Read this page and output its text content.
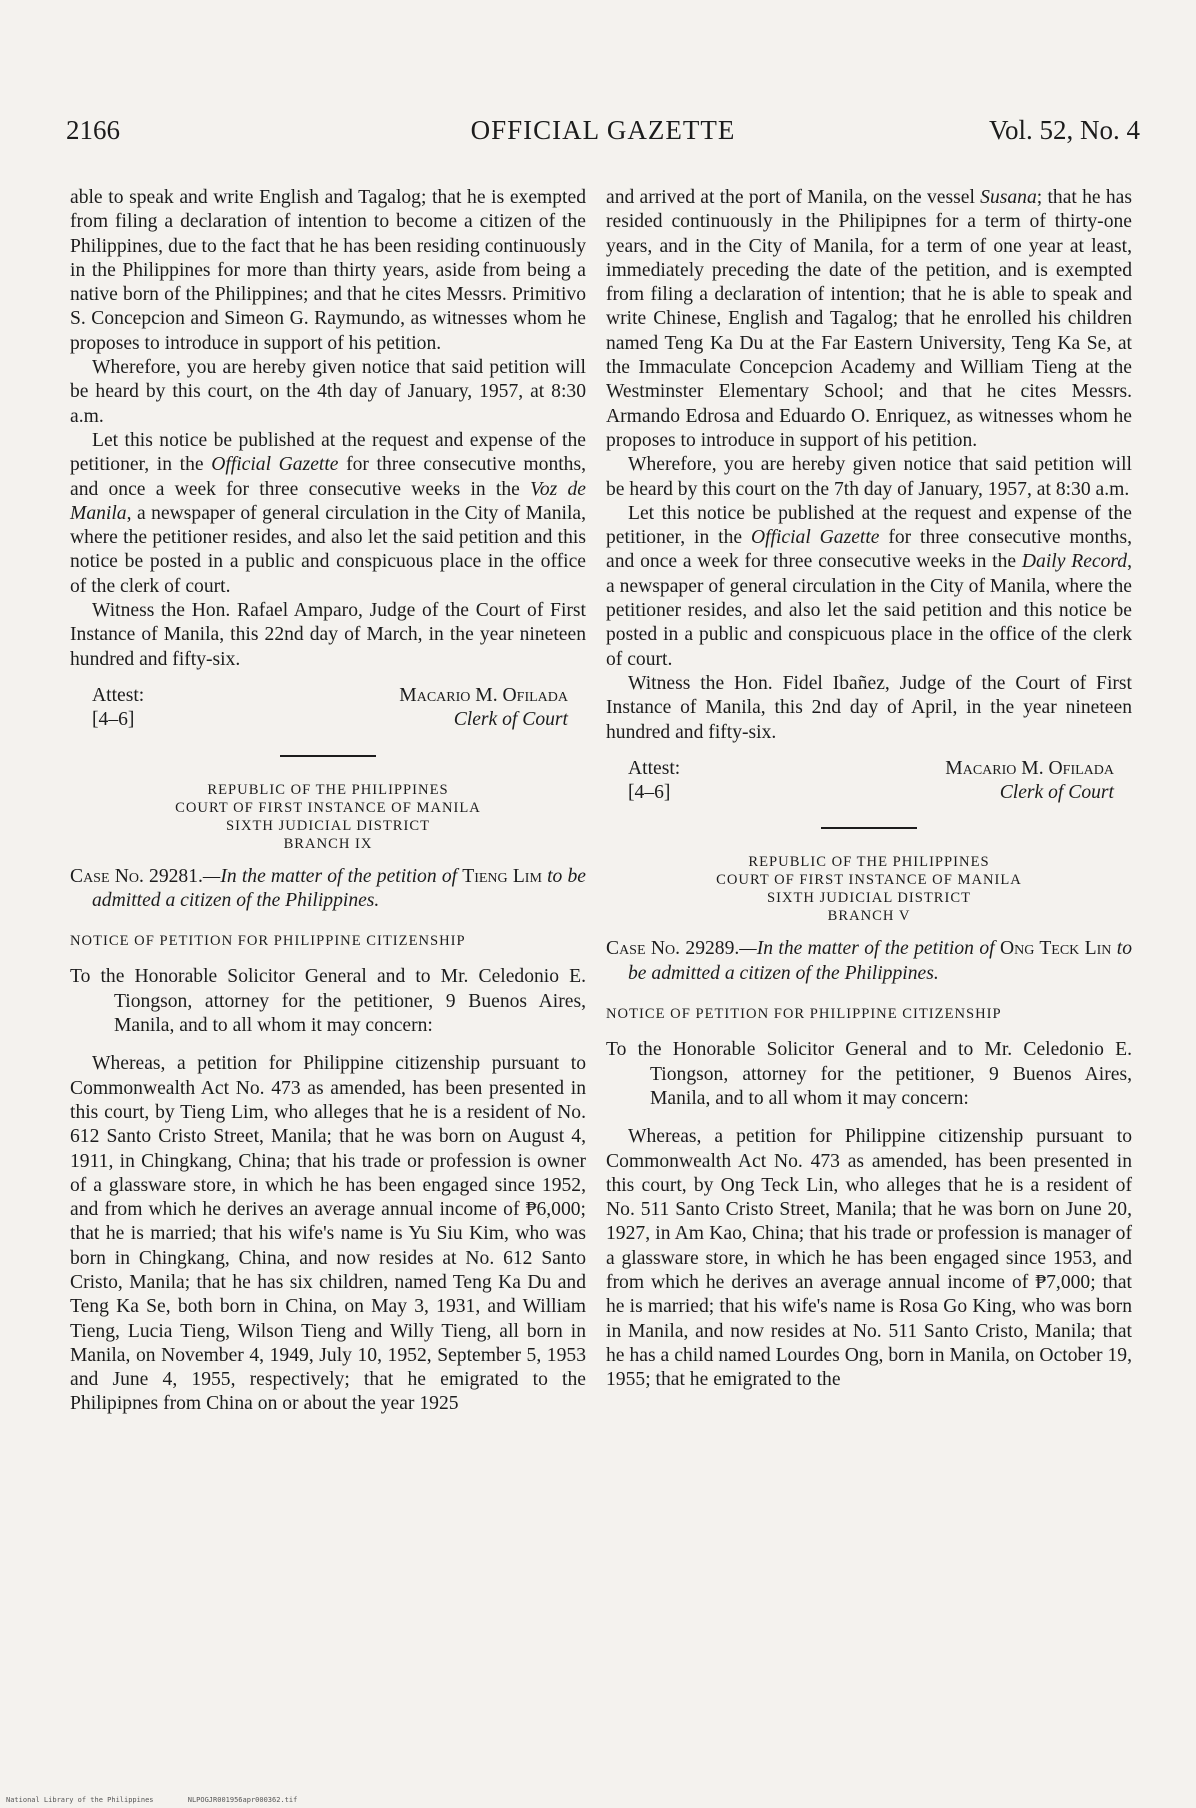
2166	OFFICIAL GAZETTE	Vol. 52, No. 4

able to speak and write English and Tagalog; that he is exempted from filing a declaration of intention to become a citizen of the Philippines, due to the fact that he has been residing continuously in the Philippines for more than thirty years, aside from being a native born of the Philippines; and that he cites Messrs. Primitivo S. Concepcion and Simeon G. Raymundo, as witnesses whom he proposes to introduce in support of his petition.

Wherefore, you are hereby given notice that said petition will be heard by this court, on the 4th day of January, 1957, at 8:30 a.m.

Let this notice be published at the request and expense of the petitioner, in the Official Gazette for three consecutive months, and once a week for three consecutive weeks in the Voz de Manila, a newspaper of general circulation in the City of Manila, where the petitioner resides, and also let the said petition and this notice be posted in a public and conspicuous place in the office of the clerk of court.

Witness the Hon. Rafael Amparo, Judge of the Court of First Instance of Manila, this 22nd day of March, in the year nineteen hundred and fifty-six.

Attest:
[4–6]
Macario M. Ofilada
Clerk of Court
REPUBLIC OF THE PHILIPPINES
COURT OF FIRST INSTANCE OF MANILA
SIXTH JUDICIAL DISTRICT
BRANCH IX

Case No. 29281.—In the matter of the petition of Tieng Lim to be admitted a citizen of the Philippines.

NOTICE OF PETITION FOR PHILIPPINE CITIZENSHIP

To the Honorable Solicitor General and to Mr. Celedonio E. Tiongson, attorney for the petitioner, 9 Buenos Aires, Manila, and to all whom it may concern:

Whereas, a petition for Philippine citizenship pursuant to Commonwealth Act No. 473 as amended, has been presented in this court, by Tieng Lim, who alleges that he is a resident of No. 612 Santo Cristo Street, Manila; that he was born on August 4, 1911, in Chingkang, China; that his trade or profession is owner of a glassware store, in which he has been engaged since 1952, and from which he derives an average annual income of ₱6,000; that he is married; that his wife's name is Yu Siu Kim, who was born in Chingkang, China, and now resides at No. 612 Santo Cristo, Manila; that he has six children, named Teng Ka Du and Teng Ka Se, both born in China, on May 3, 1931, and William Tieng, Lucia Tieng, Wilson Tieng and Willy Tieng, all born in Manila, on November 4, 1949, July 10, 1952, September 5, 1953 and June 4, 1955, respectively; that he emigrated to the Philipipnes from China on or about the year 1925

and arrived at the port of Manila, on the vessel Susana; that he has resided continuously in the Philipipnes for a term of thirty-one years, and in the City of Manila, for a term of one year at least, immediately preceding the date of the petition, and is exempted from filing a declaration of intention; that he is able to speak and write Chinese, English and Tagalog; that he enrolled his children named Teng Ka Du at the Far Eastern University, Teng Ka Se, at the Immaculate Concepcion Academy and William Tieng at the Westminster Elementary School; and that he cites Messrs. Armando Edrosa and Eduardo O. Enriquez, as witnesses whom he proposes to introduce in support of his petition.

Wherefore, you are hereby given notice that said petition will be heard by this court on the 7th day of January, 1957, at 8:30 a.m.

Let this notice be published at the request and expense of the petitioner, in the Official Gazette for three consecutive months, and once a week for three consecutive weeks in the Daily Record, a newspaper of general circulation in the City of Manila, where the petitioner resides, and also let the said petition and this notice be posted in a public and conspicuous place in the office of the clerk of court.

Witness the Hon. Fidel Ibañez, Judge of the Court of First Instance of Manila, this 2nd day of April, in the year nineteen hundred and fifty-six.

Attest:
[4–6]
Macario M. Ofilada
Clerk of Court
REPUBLIC OF THE PHILIPPINES
COURT OF FIRST INSTANCE OF MANILA
SIXTH JUDICIAL DISTRICT
BRANCH V

Case No. 29289.—In the matter of the petition of Ong Teck Lin to be admitted a citizen of the Philippines.

NOTICE OF PETITION FOR PHILIPPINE CITIZENSHIP

To the Honorable Solicitor General and to Mr. Celedonio E. Tiongson, attorney for the petitioner, 9 Buenos Aires, Manila, and to all whom it may concern:

Whereas, a petition for Philippine citizenship pursuant to Commonwealth Act No. 473 as amended, has been presented in this court, by Ong Teck Lin, who alleges that he is a resident of No. 511 Santo Cristo Street, Manila; that he was born on June 20, 1927, in Am Kao, China; that his trade or profession is manager of a glassware store, in which he has been engaged since 1953, and from which he derives an average annual income of ₱7,000; that he is married; that his wife's name is Rosa Go King, who was born in Manila, and now resides at No. 511 Santo Cristo, Manila; that he has a child named Lourdes Ong, born in Manila, on October 19, 1955; that he emigrated to the

National Library of the Philippines	NLPOGJR001956apr000362.tif
